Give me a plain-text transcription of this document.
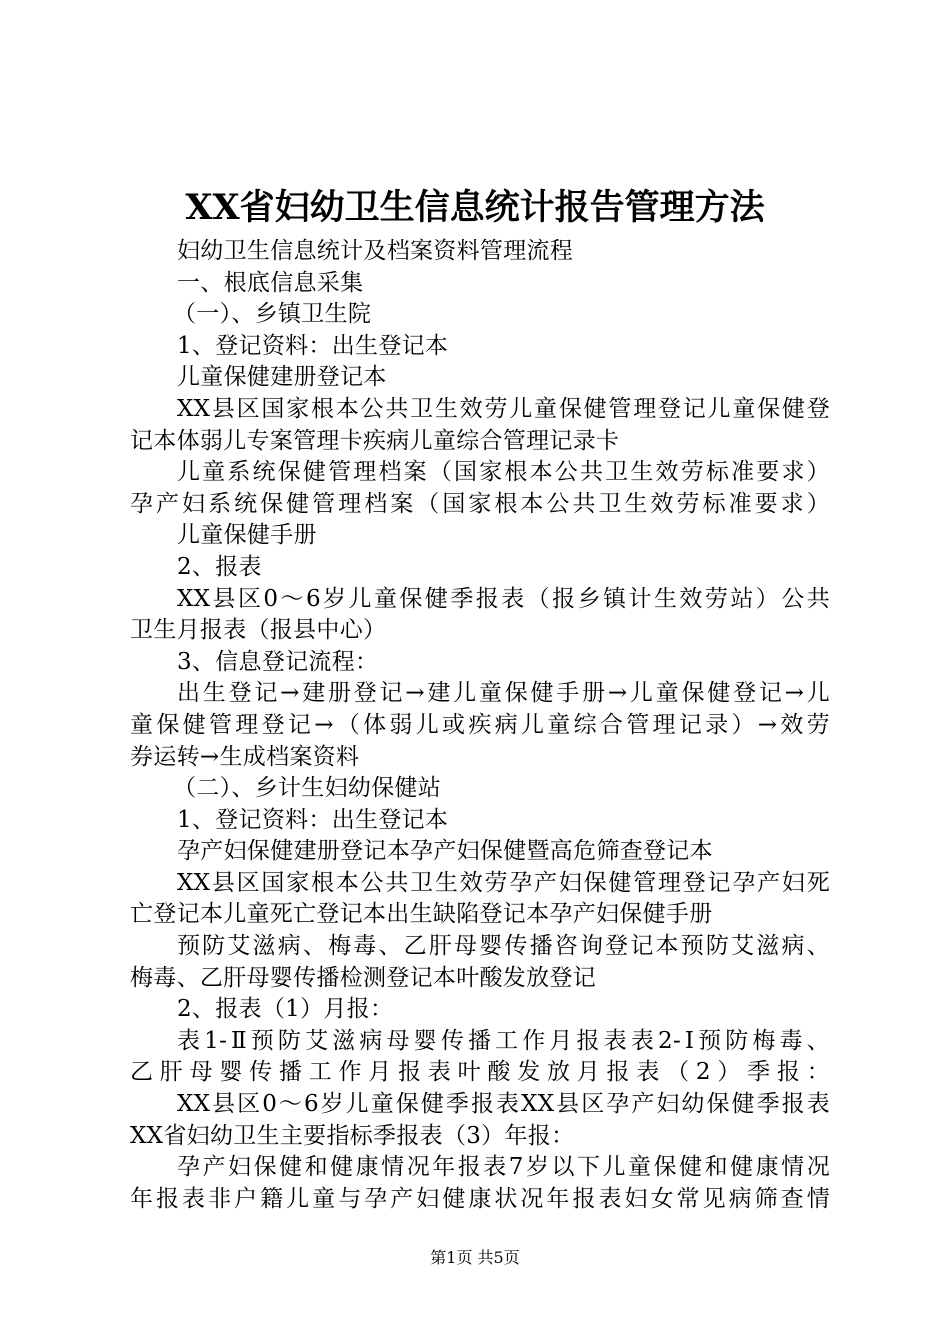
XX省妇幼卫生信息统计报告管理方法
妇幼卫生信息统计及档案资料管理流程
一、根底信息采集
（一）、乡镇卫生院
1、登记资料：出生登记本
儿童保健建册登记本
XX县区国家根本公共卫生效劳儿童保健管理登记儿童保健登
记本体弱儿专案管理卡疾病儿童综合管理记录卡
儿童系统保健管理档案（国家根本公共卫生效劳标准要求）
孕产妇系统保健管理档案（国家根本公共卫生效劳标准要求）
儿童保健手册
2、报表
XX县区0～6岁儿童保健季报表（报乡镇计生效劳站）公共
卫生月报表（报县中心）
3、信息登记流程：
出生登记→建册登记→建儿童保健手册→儿童保健登记→儿
童保健管理登记→（体弱儿或疾病儿童综合管理记录）→效劳
券运转→生成档案资料
（二）、乡计生妇幼保健站
1、登记资料：出生登记本
孕产妇保健建册登记本孕产妇保健暨高危筛查登记本
XX县区国家根本公共卫生效劳孕产妇保健管理登记孕产妇死
亡登记本儿童死亡登记本出生缺陷登记本孕产妇保健手册
预防艾滋病、梅毒、乙肝母婴传播咨询登记本预防艾滋病、
梅毒、乙肝母婴传播检测登记本叶酸发放登记
2、报表（1）月报：
表1-Ⅱ预防艾滋病母婴传播工作月报表表2-Ⅰ预防梅毒、
乙肝母婴传播工作月报表叶酸发放月报表（2）季报：
XX县区0～6岁儿童保健季报表XX县区孕产妇幼保健季报表
XX省妇幼卫生主要指标季报表（3）年报：
孕产妇保健和健康情况年报表7岁以下儿童保健和健康情况
年报表非户籍儿童与孕产妇健康状况年报表妇女常见病筛查情
第1页 共5页
